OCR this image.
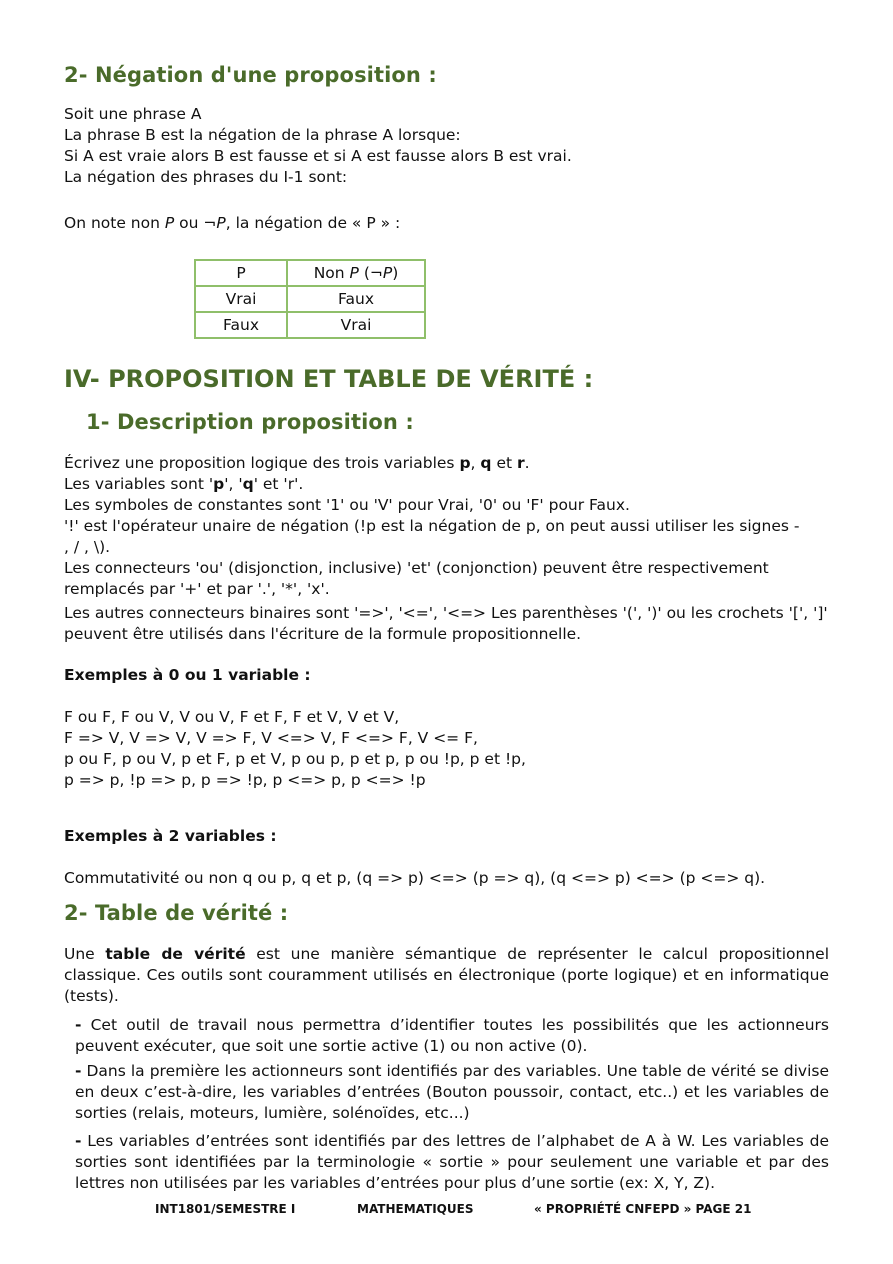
2- Négation d'une proposition :
Soit une phrase A
La phrase B est la négation de la phrase A lorsque:
Si A est vraie alors B est fausse et si A est fausse alors B est vrai.
La négation des phrases du I-1 sont:
On note non P ou ¬P, la négation de « P » :
P	Non P (¬P)
Vrai	Faux
Faux	Vrai
IV- PROPOSITION ET TABLE DE VÉRITÉ :
1- Description proposition :
Écrivez une proposition logique des trois variables p, q et r.
Les variables sont 'p', 'q' et 'r'.
Les symboles de constantes sont '1' ou 'V' pour Vrai, '0' ou 'F' pour Faux.
'!' est l'opérateur unaire de négation (!p est la négation de p, on peut aussi utiliser les signes -
, / , \).
Les connecteurs 'ou' (disjonction, inclusive) 'et' (conjonction) peuvent être respectivement
remplacés par '+' et par '.', '*', 'x'.
Les autres connecteurs binaires sont '=>', '<=', '<=> Les parenthèses '(', ')' ou les crochets '[', ']'
peuvent être utilisés dans l'écriture de la formule propositionnelle.
Exemples à 0 ou 1 variable :
F ou F, F ou V, V ou V, F et F, F et V, V et V,
F => V, V => V, V => F, V <=> V, F <=> F, V <= F,
p ou F, p ou V, p et F, p et V, p ou p, p et p, p ou !p, p et !p,
p => p, !p => p, p => !p, p <=> p, p <=> !p
Exemples à 2 variables :
Commutativité ou non q ou p, q et p, (q => p) <=> (p => q), (q <=> p) <=> (p <=> q).
2- Table de vérité :
Une table de vérité est une manière sémantique de représenter le calcul propositionnel classique. Ces outils sont couramment utilisés en électronique (porte logique) et en informatique (tests).
- Cet outil de travail nous permettra d’identifier toutes les possibilités que les actionneurs peuvent exécuter, que soit une sortie active (1) ou non active (0).
- Dans la première les actionneurs sont identifiés par des variables. Une table de vérité se divise en deux c’est-à-dire, les variables d’entrées (Bouton poussoir, contact, etc..) et les variables de sorties (relais, moteurs, lumière, solénoïdes, etc...)
- Les variables d’entrées sont identifiés par des lettres de l’alphabet de A à W. Les variables de sorties sont identifiées par la terminologie « sortie » pour seulement une variable et par des lettres non utilisées par les variables d’entrées pour plus d’une sortie (ex: X, Y, Z).
INT1801/SEMESTRE I	MATHEMATIQUES	« PROPRIÉTÉ CNFEPD » PAGE 21
